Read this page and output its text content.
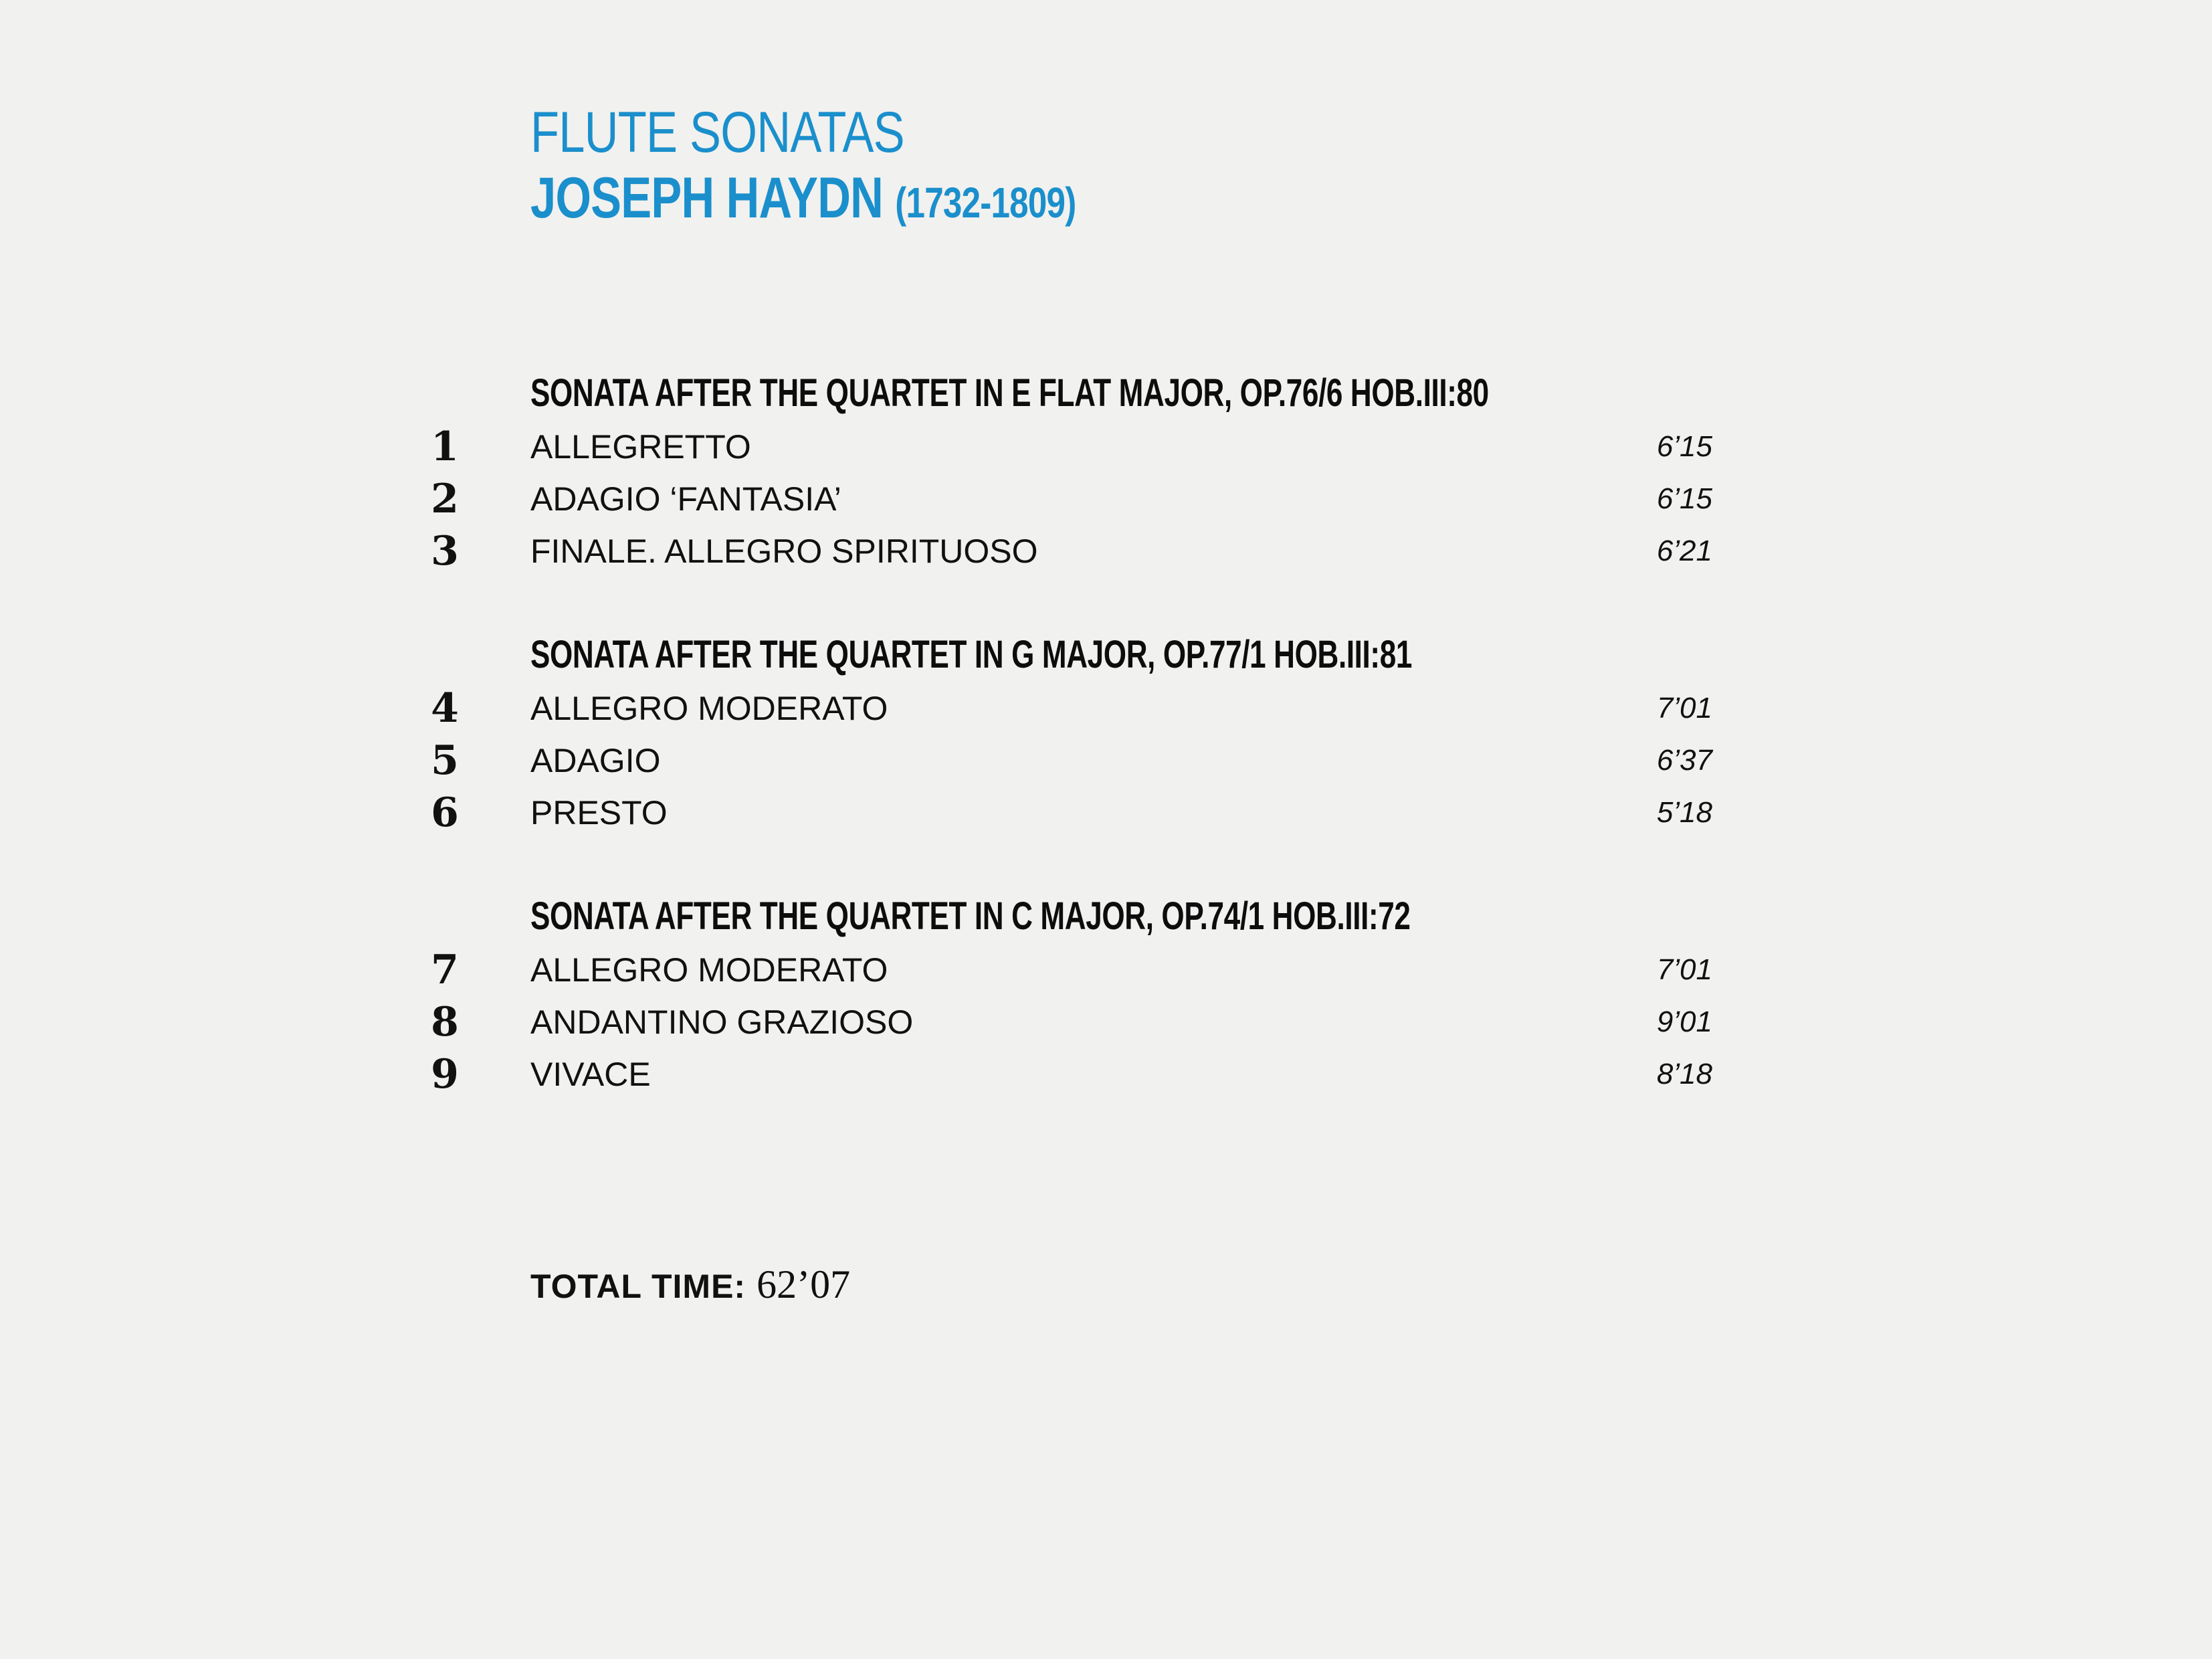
FLUTE SONATAS
JOSEPH HAYDN (1732-1809)
SONATA AFTER THE QUARTET IN E FLAT MAJOR, OP.76/6 HOB.III:80
1 ALLEGRETTO	6’15
2 ADAGIO ‘FANTASIA’	6’15
3 FINALE. ALLEGRO SPIRITUOSO	6’21
SONATA AFTER THE QUARTET IN G MAJOR, OP.77/1 HOB.III:81
4 ALLEGRO MODERATO	7’01
5 ADAGIO	6’37
6 PRESTO	5’18
SONATA AFTER THE QUARTET IN C MAJOR, OP.74/1 HOB.III:72
7 ALLEGRO MODERATO	7’01
8 ANDANTINO GRAZIOSO	9’01
9 VIVACE	8’18
TOTAL TIME: 62’07
